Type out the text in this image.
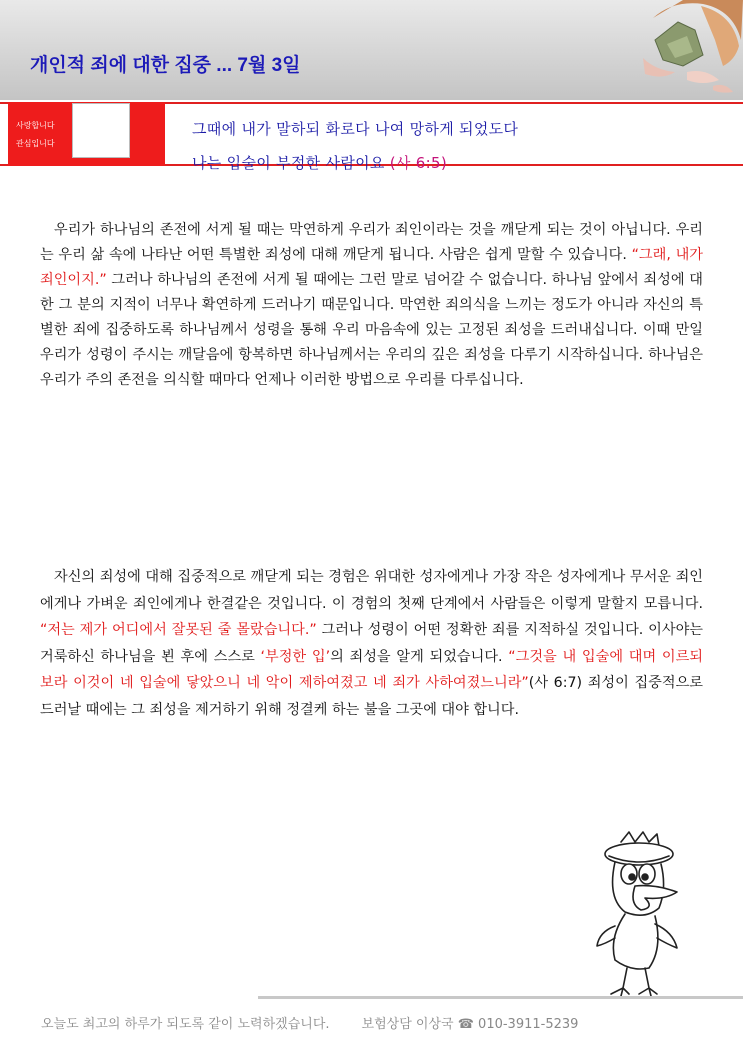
개인적 죄에 대한 집중 ... 7월 3일
사랑합니다
관심입니다
그때에 내가 말하되 화로다 나여 망하게 되었도다
나는 입술이 부정한 사람이요 (사 6:5)
우리가 하나님의 존전에 서게 될 때는 막연하게 우리가 죄인이라는 것을 깨닫게 되는 것이 아닙니다. 우리는 우리 삶 속에 나타난 어떤 특별한 죄성에 대해 깨닫게 됩니다. 사람은 쉽게 말할 수 있습니다. “그래, 내가 죄인이지.” 그러나 하나님의 존전에 서게 될 때에는 그런 말로 넘어갈 수 없습니다. 하나님 앞에서 죄성에 대한 그 분의 지적이 너무나 확연하게 드러나기 때문입니다. 막연한 죄의식을 느끼는 정도가 아니라 자신의 특별한 죄에 집중하도록 하나님께서 성령을 통해 우리 마음속에 있는 고정된 죄성을 드러내십니다. 이때 만일 우리가 성령이 주시는 깨달음에 항복하면 하나님께서는 우리의 깊은 죄성을 다루기 시작하십니다. 하나님은 우리가 주의 존전을 의식할 때마다 언제나 이러한 방법으로 우리를 다루십니다.
자신의 죄성에 대해 집중적으로 깨닫게 되는 경험은 위대한 성자에게나 가장 작은 성자에게나 무서운 죄인에게나 가벼운 죄인에게나 한결같은 것입니다. 이 경험의 첫째 단계에서 사람들은 이렇게 말할지 모릅니다. “저는 제가 어디에서 잘못된 줄 몰랐습니다.” 그러나 성령이 어떤 정확한 죄를 지적하실 것입니다. 이사야는 거룩하신 하나님을 뵌 후에 스스로 ‘부정한 입’의 죄성을 알게 되었습니다. “그것을 내 입술에 대며 이르되 보라 이것이 네 입술에 닿았으니 네 악이 제하여졌고 네 죄가 사하여졌느니라”(사 6:7) 죄성이 집중적으로 드러날 때에는 그 죄성을 제거하기 위해 정결케 하는 불을 그곳에 대야 합니다.
오늘도 최고의 하루가 되도록 같이 노력하겠습니다. 보험상담 이상국 ☎ 010-3911-5239
